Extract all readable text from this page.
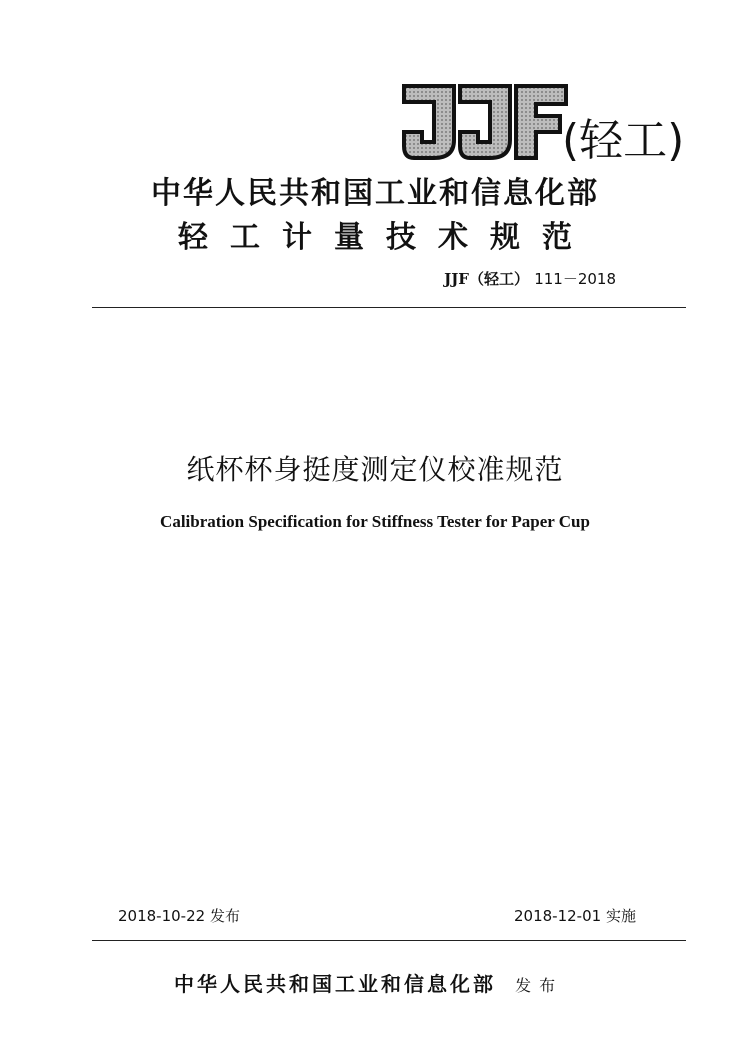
(轻工)
中华人民共和国工业和信息化部
轻工计量技术规范
JJF（轻工） 111－2018
纸杯杯身挺度测定仪校准规范
Calibration Specification for Stiffness Tester for Paper Cup
2018-10-22 发布	2018-12-01 实施
中华人民共和国工业和信息化部 发布
